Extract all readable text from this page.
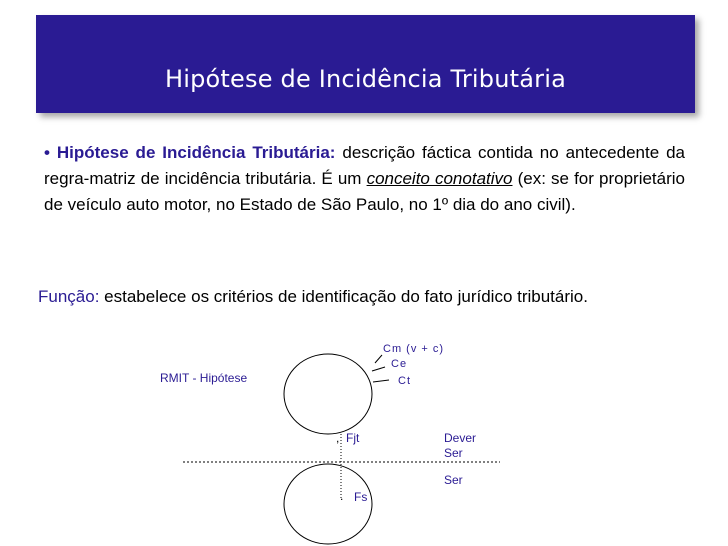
Hipótese de Incidência Tributária
• Hipótese de Incidência Tributária: descrição fáctica contida no antecedente da regra-matriz de incidência tributária. É um conceito conotativo (ex: se for proprietário de veículo auto motor, no Estado de São Paulo, no 1º dia do ano civil).
Função: estabelece os critérios de identificação do fato jurídico tributário.
,
.
RMIT - Hipótese
Cm (v + c)
Ce
Ct
Fjt	Dever Ser
Ser
Fs
